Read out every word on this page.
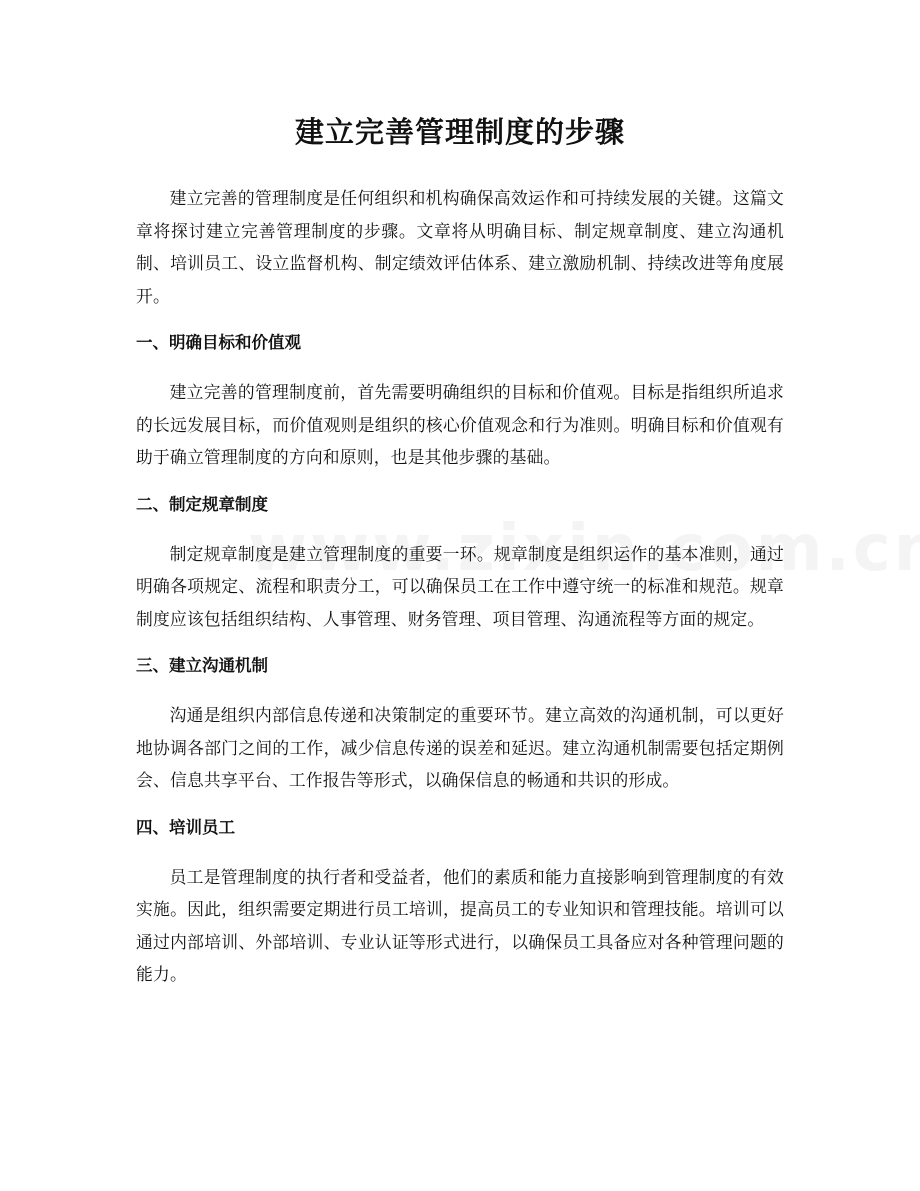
建立完善管理制度的步骤

建立完善的管理制度是任何组织和机构确保高效运作和可持续发展的关键。这篇文章将探讨建立完善管理制度的步骤。文章将从明确目标、制定规章制度、建立沟通机制、培训员工、设立监督机构、制定绩效评估体系、建立激励机制、持续改进等角度展开。

一、明确目标和价值观

建立完善的管理制度前，首先需要明确组织的目标和价值观。目标是指组织所追求的长远发展目标，而价值观则是组织的核心价值观念和行为准则。明确目标和价值观有助于确立管理制度的方向和原则，也是其他步骤的基础。

二、制定规章制度

制定规章制度是建立管理制度的重要一环。规章制度是组织运作的基本准则，通过明确各项规定、流程和职责分工，可以确保员工在工作中遵守统一的标准和规范。规章制度应该包括组织结构、人事管理、财务管理、项目管理、沟通流程等方面的规定。

三、建立沟通机制

沟通是组织内部信息传递和决策制定的重要环节。建立高效的沟通机制，可以更好地协调各部门之间的工作，减少信息传递的误差和延迟。建立沟通机制需要包括定期例会、信息共享平台、工作报告等形式，以确保信息的畅通和共识的形成。

四、培训员工

员工是管理制度的执行者和受益者，他们的素质和能力直接影响到管理制度的有效实施。因此，组织需要定期进行员工培训，提高员工的专业知识和管理技能。培训可以通过内部培训、外部培训、专业认证等形式进行，以确保员工具备应对各种管理问题的能力。
